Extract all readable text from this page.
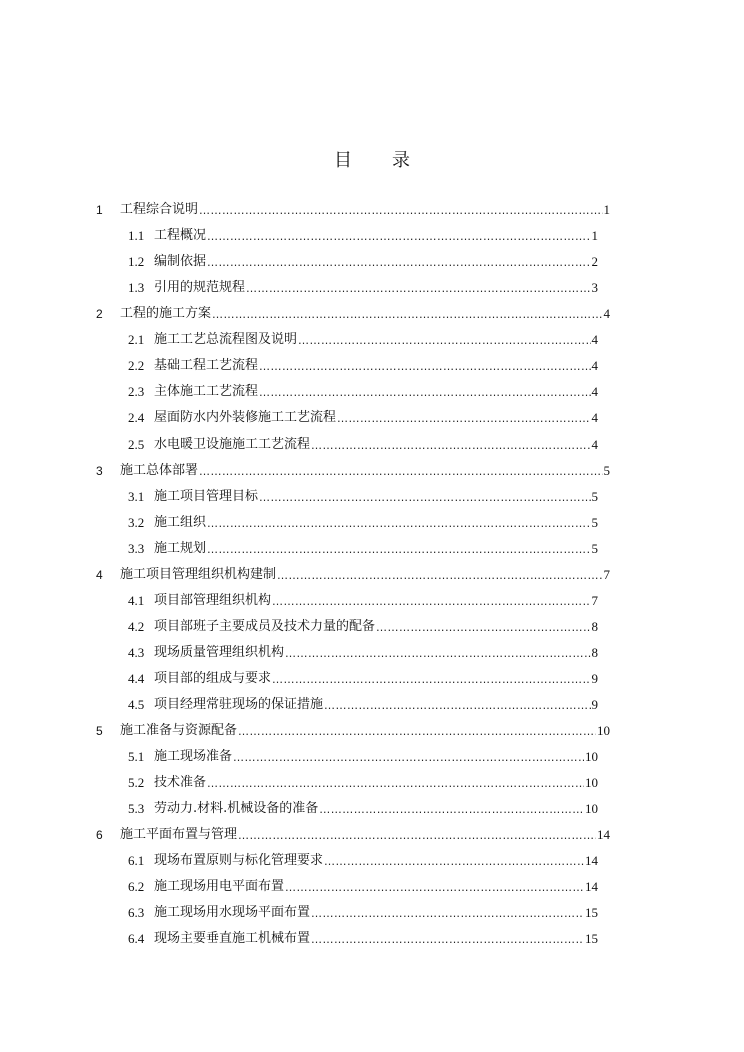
目 录
1	工程综合说明 …………………………………………………………………………………………………………………………………………………………………………………………	1
1.1 工程概况 …………………………………………………………………………………………………………………………………………………………………………………………	1
1.2 编制依据 …………………………………………………………………………………………………………………………………………………………………………………………	2
1.3 引用的规范规程 …………………………………………………………………………………………………………………………………………………………………………………………	3
2	工程的施工方案 …………………………………………………………………………………………………………………………………………………………………………………………	4
2.1 施工工艺总流程图及说明 …………………………………………………………………………………………………………………………………………………………………………………………	4
2.2 基础工程工艺流程 …………………………………………………………………………………………………………………………………………………………………………………………	4
2.3 主体施工工艺流程 …………………………………………………………………………………………………………………………………………………………………………………………	4
2.4 屋面防水内外装修施工工艺流程 …………………………………………………………………………………………………………………………………………………………………………………………	4
2.5 水电暖卫设施施工工艺流程 …………………………………………………………………………………………………………………………………………………………………………………………	4
3	施工总体部署 …………………………………………………………………………………………………………………………………………………………………………………………	5
3.1 施工项目管理目标 …………………………………………………………………………………………………………………………………………………………………………………………	5
3.2 施工组织 …………………………………………………………………………………………………………………………………………………………………………………………	5
3.3 施工规划 …………………………………………………………………………………………………………………………………………………………………………………………	5
4	施工项目管理组织机构建制 …………………………………………………………………………………………………………………………………………………………………………………………	7
4.1 项目部管理组织机构 …………………………………………………………………………………………………………………………………………………………………………………………	7
4.2 项目部班子主要成员及技术力量的配备 …………………………………………………………………………………………………………………………………………………………………………………………	8
4.3 现场质量管理组织机构 …………………………………………………………………………………………………………………………………………………………………………………………	8
4.4 项目部的组成与要求 …………………………………………………………………………………………………………………………………………………………………………………………	9
4.5 项目经理常驻现场的保证措施 …………………………………………………………………………………………………………………………………………………………………………………………	9
5	施工准备与资源配备 …………………………………………………………………………………………………………………………………………………………………………………………	10
5.1 施工现场准备 …………………………………………………………………………………………………………………………………………………………………………………………	10
5.2 技术准备 …………………………………………………………………………………………………………………………………………………………………………………………	10
5.3 劳动力.材料.机械设备的准备 …………………………………………………………………………………………………………………………………………………………………………………………	10
6	施工平面布置与管理 …………………………………………………………………………………………………………………………………………………………………………………………	14
6.1 现场布置原则与标化管理要求 …………………………………………………………………………………………………………………………………………………………………………………………	14
6.2 施工现场用电平面布置 …………………………………………………………………………………………………………………………………………………………………………………………	14
6.3 施工现场用水现场平面布置 …………………………………………………………………………………………………………………………………………………………………………………………	15
6.4 现场主要垂直施工机械布置 …………………………………………………………………………………………………………………………………………………………………………………………	15
